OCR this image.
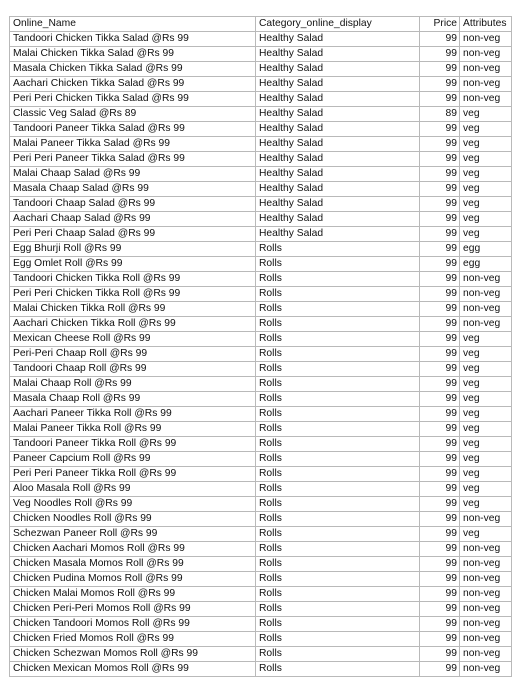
Online_Name	Category_online_display	Price	Attributes
Tandoori Chicken Tikka Salad @Rs 99	Healthy Salad	99	non-veg
Malai Chicken Tikka Salad @Rs 99	Healthy Salad	99	non-veg
Masala Chicken Tikka Salad @Rs 99	Healthy Salad	99	non-veg
Aachari Chicken Tikka Salad @Rs 99	Healthy Salad	99	non-veg
Peri Peri Chicken Tikka Salad @Rs 99	Healthy Salad	99	non-veg
Classic Veg Salad @Rs 89	Healthy Salad	89	veg
Tandoori Paneer Tikka Salad @Rs 99	Healthy Salad	99	veg
Malai Paneer Tikka Salad @Rs 99	Healthy Salad	99	veg
Peri Peri Paneer Tikka Salad @Rs 99	Healthy Salad	99	veg
Malai Chaap Salad @Rs 99	Healthy Salad	99	veg
Masala Chaap Salad @Rs 99	Healthy Salad	99	veg
Tandoori Chaap Salad @Rs 99	Healthy Salad	99	veg
Aachari Chaap Salad @Rs 99	Healthy Salad	99	veg
Peri Peri Chaap Salad @Rs 99	Healthy Salad	99	veg
Egg Bhurji Roll @Rs 99	Rolls	99	egg
Egg Omlet Roll @Rs 99	Rolls	99	egg
Tandoori Chicken Tikka Roll @Rs 99	Rolls	99	non-veg
Peri Peri Chicken Tikka Roll @Rs 99	Rolls	99	non-veg
Malai Chicken Tikka Roll @Rs 99	Rolls	99	non-veg
Aachari Chicken Tikka Roll @Rs 99	Rolls	99	non-veg
Mexican Cheese Roll @Rs 99	Rolls	99	veg
Peri-Peri Chaap Roll @Rs 99	Rolls	99	veg
Tandoori Chaap Roll @Rs 99	Rolls	99	veg
Malai Chaap Roll @Rs 99	Rolls	99	veg
Masala Chaap Roll @Rs 99	Rolls	99	veg
Aachari Paneer Tikka Roll @Rs 99	Rolls	99	veg
Malai Paneer Tikka Roll @Rs 99	Rolls	99	veg
Tandoori Paneer Tikka Roll @Rs 99	Rolls	99	veg
Paneer Capcium Roll @Rs 99	Rolls	99	veg
Peri Peri Paneer Tikka Roll @Rs 99	Rolls	99	veg
Aloo Masala Roll @Rs 99	Rolls	99	veg
Veg Noodles Roll @Rs 99	Rolls	99	veg
Chicken Noodles Roll @Rs 99	Rolls	99	non-veg
Schezwan Paneer Roll @Rs 99	Rolls	99	veg
Chicken Aachari Momos Roll @Rs 99	Rolls	99	non-veg
Chicken Masala Momos Roll @Rs 99	Rolls	99	non-veg
Chicken Pudina Momos Roll @Rs 99	Rolls	99	non-veg
Chicken Malai Momos Roll @Rs 99	Rolls	99	non-veg
Chicken Peri-Peri Momos Roll @Rs 99	Rolls	99	non-veg
Chicken Tandoori Momos Roll @Rs 99	Rolls	99	non-veg
Chicken Fried Momos Roll @Rs 99	Rolls	99	non-veg
Chicken Schezwan Momos Roll @Rs 99	Rolls	99	non-veg
Chicken Mexican Momos Roll @Rs 99	Rolls	99	non-veg
